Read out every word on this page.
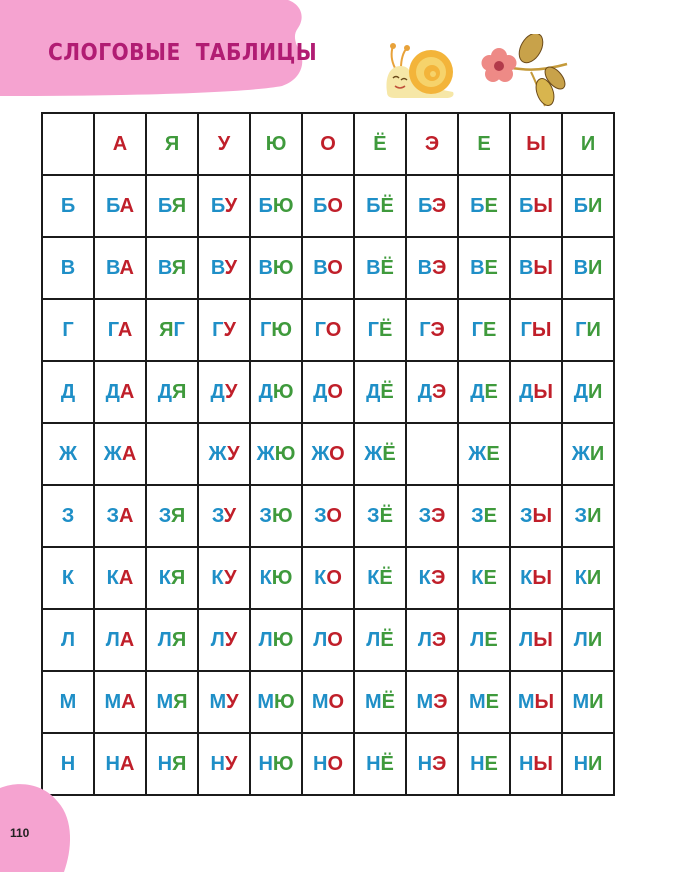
СЛОГОВЫЕ  ТАБЛИЦЫ
	А	Я	У	Ю	О	Ё	Э	Е	Ы	И
Б	БА	БЯ	БУ	БЮ	БО	БЁ	БЭ	БЕ	БЫ	БИ
В	ВА	ВЯ	ВУ	ВЮ	ВО	ВЁ	ВЭ	ВЕ	ВЫ	ВИ
Г	ГА	ЯГ	ГУ	ГЮ	ГО	ГЁ	ГЭ	ГЕ	ГЫ	ГИ
Д	ДА	ДЯ	ДУ	ДЮ	ДО	ДЁ	ДЭ	ДЕ	ДЫ	ДИ
Ж	ЖА		ЖУ	ЖЮ	ЖО	ЖЁ		ЖЕ		ЖИ
З	ЗА	ЗЯ	ЗУ	ЗЮ	ЗО	ЗЁ	ЗЭ	ЗЕ	ЗЫ	ЗИ
К	КА	КЯ	КУ	КЮ	КО	КЁ	КЭ	КЕ	КЫ	КИ
Л	ЛА	ЛЯ	ЛУ	ЛЮ	ЛО	ЛЁ	ЛЭ	ЛЕ	ЛЫ	ЛИ
М	МА	МЯ	МУ	МЮ	МО	МЁ	МЭ	МЕ	МЫ	МИ
Н	НА	НЯ	НУ	НЮ	НО	НЁ	НЭ	НЕ	НЫ	НИ
110
